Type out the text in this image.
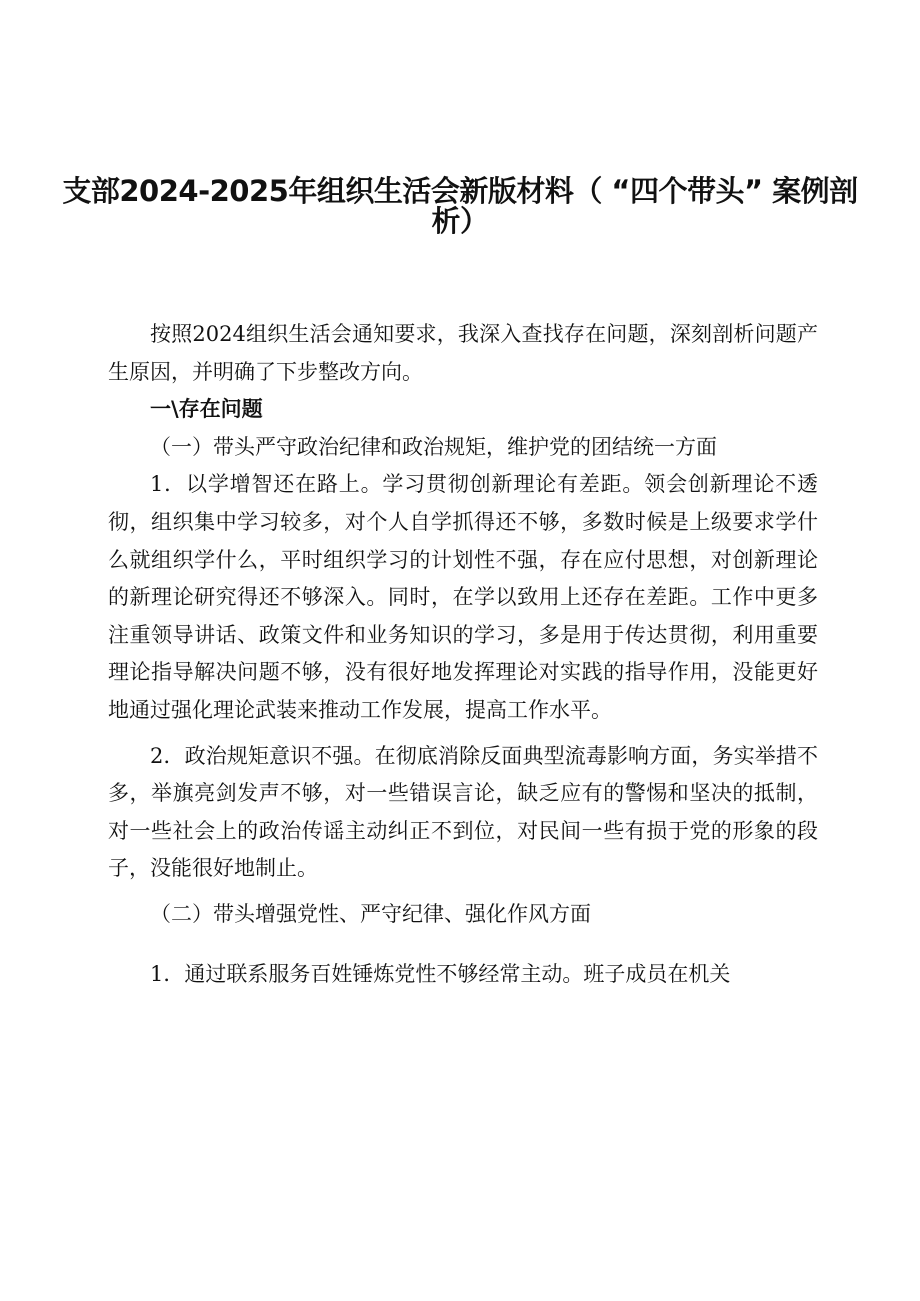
支部2024-2025年组织生活会新版材料（ “四个带头” 案例剖
析）

按照2024组织生活会通知要求，我深入查找存在问题，深刻剖析问题产生原因，并明确了下步整改方向。

一\存在问题

（一）带头严守政治纪律和政治规矩，维护党的团结统一方面

1．以学增智还在路上。学习贯彻创新理论有差距。领会创新理论不透彻，组织集中学习较多，对个人自学抓得还不够，多数时候是上级要求学什么就组织学什么，平时组织学习的计划性不强，存在应付思想，对创新理论的新理论研究得还不够深入。同时，在学以致用上还存在差距。工作中更多注重领导讲话、政策文件和业务知识的学习，多是用于传达贯彻，利用重要理论指导解决问题不够，没有很好地发挥理论对实践的指导作用，没能更好地通过强化理论武装来推动工作发展，提高工作水平。

2．政治规矩意识不强。在彻底消除反面典型流毒影响方面，务实举措不多，举旗亮剑发声不够，对一些错误言论，缺乏应有的警惕和坚决的抵制，对一些社会上的政治传谣主动纠正不到位，对民间一些有损于党的形象的段子，没能很好地制止。

（二）带头增强党性、严守纪律、强化作风方面

1．通过联系服务百姓锤炼党性不够经常主动。班子成员在机关
